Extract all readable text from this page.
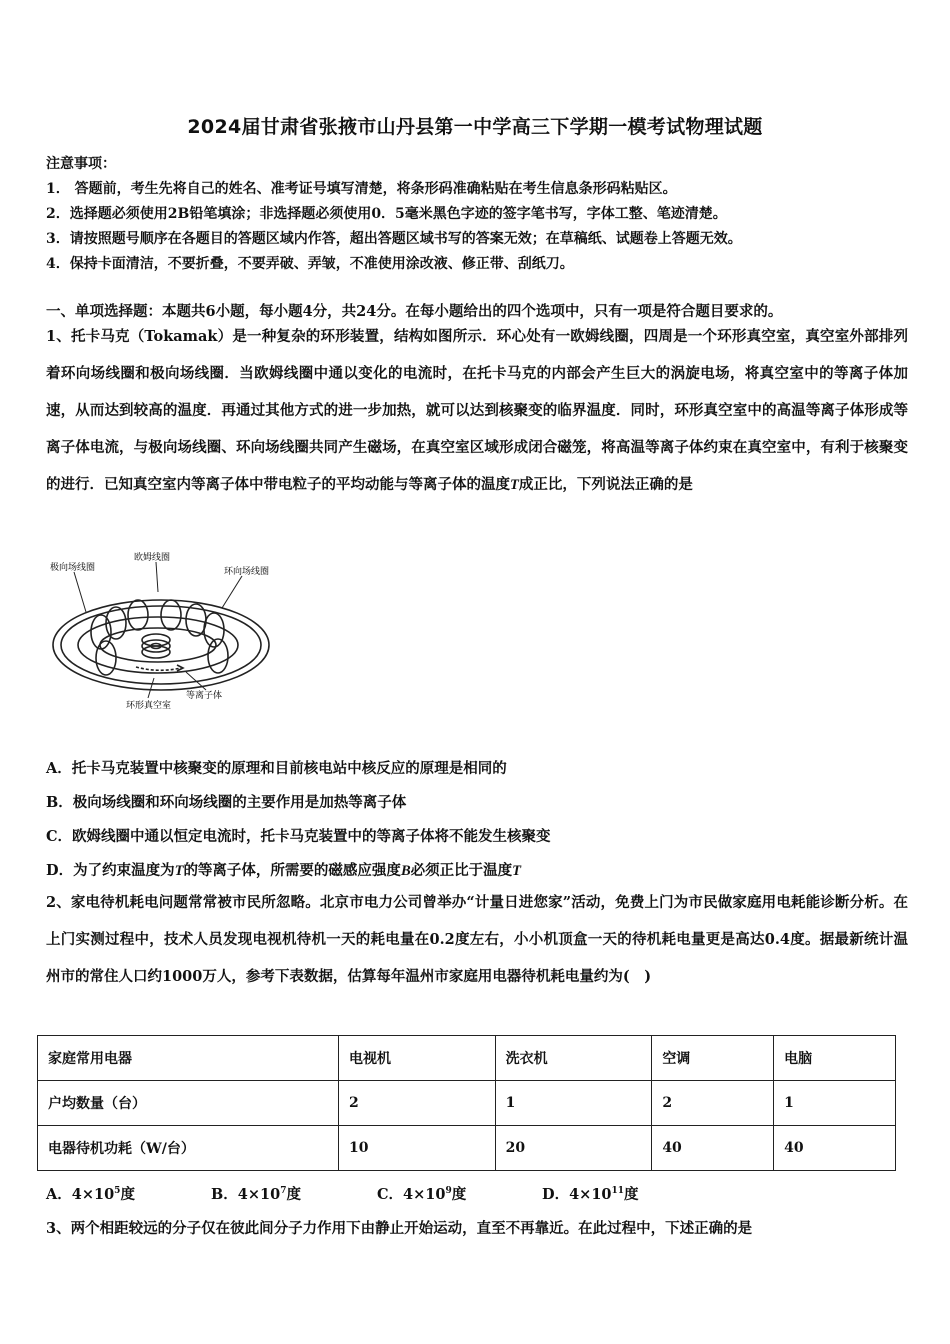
2024届甘肃省张掖市山丹县第一中学高三下学期一模考试物理试题
注意事项：
1． 答题前，考生先将自己的姓名、准考证号填写清楚，将条形码准确粘贴在考生信息条形码粘贴区。
2．选择题必须使用2B铅笔填涂；非选择题必须使用0．5毫米黑色字迹的签字笔书写，字体工整、笔迹清楚。
3．请按照题号顺序在各题目的答题区域内作答，超出答题区域书写的答案无效；在草稿纸、试题卷上答题无效。
4．保持卡面清洁，不要折叠，不要弄破、弄皱，不准使用涂改液、修正带、刮纸刀。
一、单项选择题：本题共6小题，每小题4分，共24分。在每小题给出的四个选项中，只有一项是符合题目要求的。
1、托卡马克（Tokamak）是一种复杂的环形装置，结构如图所示．环心处有一欧姆线圈，四周是一个环形真空室，真空室外部排列着环向场线圈和极向场线圈．当欧姆线圈中通以变化的电流时，在托卡马克的内部会产生巨大的涡旋电场，将真空室中的等离子体加速，从而达到较高的温度．再通过其他方式的进一步加热，就可以达到核聚变的临界温度．同时，环形真空室中的高温等离子体形成等离子体电流，与极向场线圈、环向场线圈共同产生磁场，在真空室区域形成闭合磁笼，将高温等离子体约束在真空室中，有利于核聚变的进行．已知真空室内等离子体中带电粒子的平均动能与等离子体的温度T成正比，下列说法正确的是
极向场线圈
欧姆线圈
环向场线圈
等离子体
环形真空室
A．托卡马克装置中核聚变的原理和目前核电站中核反应的原理是相同的
B．极向场线圈和环向场线圈的主要作用是加热等离子体
C．欧姆线圈中通以恒定电流时，托卡马克装置中的等离子体将不能发生核聚变
D．为了约束温度为T的等离子体，所需要的磁感应强度B必须正比于温度T
2、家电待机耗电问题常常被市民所忽略。北京市电力公司曾举办“计量日进您家”活动，免费上门为市民做家庭用电耗能诊断分析。在上门实测过程中，技术人员发现电视机待机一天的耗电量在0.2度左右，小小机顶盒一天的待机耗电量更是高达0.4度。据最新统计温州市的常住人口约1000万人，参考下表数据，估算每年温州市家庭用电器待机耗电量约为(　)
家庭常用电器	电视机	洗衣机	空调	电脑
户均数量（台）	2	1	2	1
电器待机功耗（W/台）	10	20	40	40
A．$4\times 10^5$度	B．$4\times 10^7$度	C．$4\times 10^9$度	D．$4\times 10^{11}$度
3、两个相距较远的分子仅在彼此间分子力作用下由静止开始运动，直至不再靠近。在此过程中，下述正确的是
